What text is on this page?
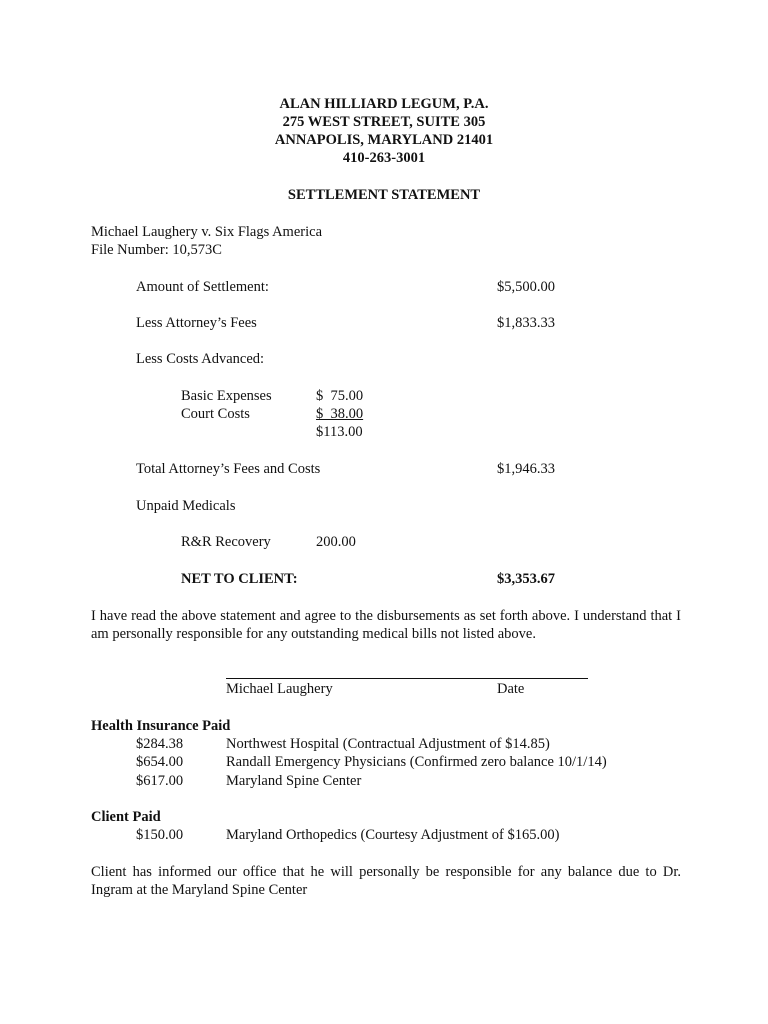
ALAN HILLIARD LEGUM, P.A.
275 WEST STREET, SUITE 305
ANNAPOLIS, MARYLAND 21401
410-263-3001
SETTLEMENT STATEMENT
Michael Laughery v. Six Flags America
File Number: 10,573C
Amount of Settlement:	$5,500.00
Less Attorney’s Fees	$1,833.33
Less Costs Advanced:
Basic Expenses	$  75.00
Court Costs	$  38.00
$113.00
Total Attorney’s Fees and Costs	$1,946.33
Unpaid Medicals
R&R Recovery	200.00
NET TO CLIENT:	$3,353.67
I have read the above statement and agree to the disbursements as set forth above. I understand that I am personally responsible for any outstanding medical bills not listed above.
Michael Laughery	Date
Health Insurance Paid
$284.38	Northwest Hospital (Contractual Adjustment of $14.85)
$654.00	Randall Emergency Physicians (Confirmed zero balance 10/1/14)
$617.00	Maryland Spine Center
Client Paid
$150.00	Maryland Orthopedics (Courtesy Adjustment of $165.00)
Client has informed our office that he will personally be responsible for any balance due to Dr. Ingram at the Maryland Spine Center
